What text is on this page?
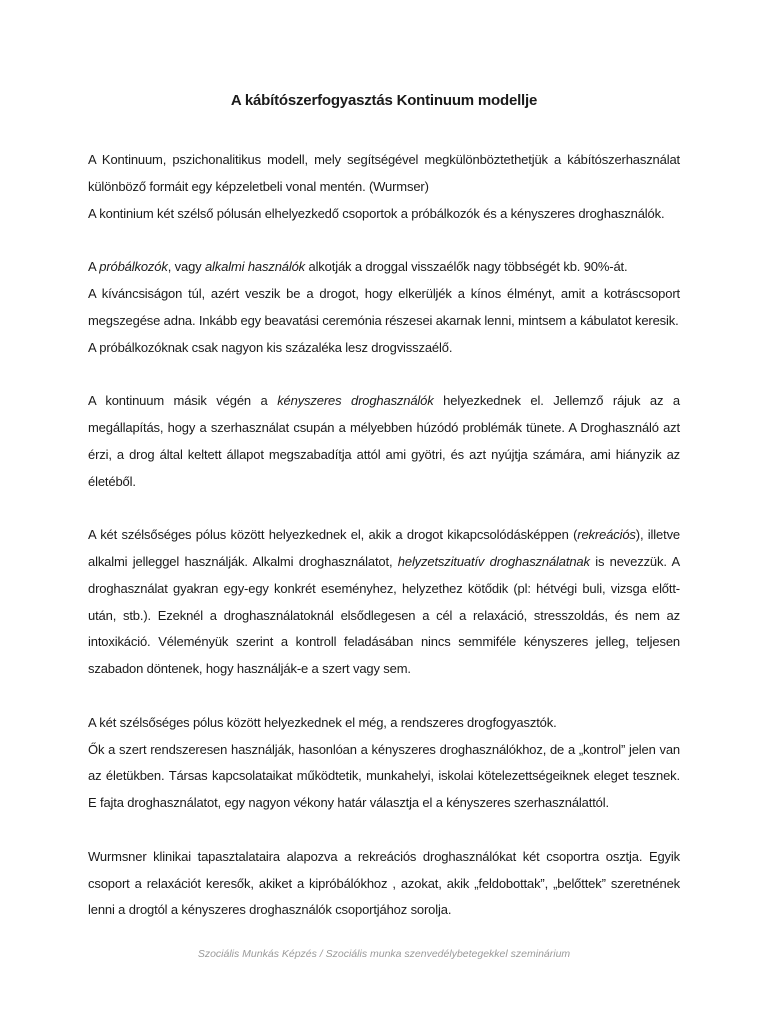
A kábítószerfogyasztás Kontinuum modellje

A Kontinuum, pszichonalitikus modell, mely segítségével megkülönböztethetjük a kábítószerhasználat különböző formáit egy képzeletbeli vonal mentén. (Wurmser)

A kontinium két szélső pólusán elhelyezkedő csoportok a próbálkozók és a kényszeres droghasználók.

A próbálkozók, vagy alkalmi használók alkotják a droggal visszaélők nagy többségét kb. 90%-át.

A kíváncsiságon túl, azért veszik be a drogot, hogy elkerüljék a kínos élményt, amit a kotráscsoport megszegése adna. Inkább egy beavatási ceremónia részesei akarnak lenni, mintsem a kábulatot keresik.

A próbálkozóknak csak nagyon kis százaléka lesz drogvisszaélő.

A kontinuum másik végén a kényszeres droghasználók helyezkednek el. Jellemző rájuk az a megállapítás, hogy a szerhasználat csupán a mélyebben húzódó problémák tünete. A Droghasználó azt érzi, a drog által keltett állapot megszabadítja attól ami gyötri, és azt nyújtja számára, ami hiányzik az életéből.

A két szélsőséges pólus között helyezkednek el, akik a drogot kikapcsolódásképpen (rekreációs), illetve alkalmi jelleggel használják. Alkalmi droghasználatot, helyzetszituatív droghasználatnak is nevezzük. A droghasználat gyakran egy-egy konkrét eseményhez, helyzethez kötődik (pl: hétvégi buli, vizsga előtt-után, stb.). Ezeknél a droghasználatoknál elsődlegesen a cél a relaxáció, stresszoldás, és nem az intoxikáció. Véleményük szerint a kontroll feladásában nincs semmiféle kényszeres jelleg, teljesen szabadon döntenek, hogy használják-e a szert vagy sem.

A két szélsőséges pólus között helyezkednek el még, a rendszeres drogfogyasztók.

Ők a szert rendszeresen használják, hasonlóan a kényszeres droghasználókhoz, de a „kontrol” jelen van az életükben. Társas kapcsolataikat működtetik, munkahelyi, iskolai kötelezettségeiknek eleget tesznek. E fajta droghasználatot, egy nagyon vékony határ választja el a kényszeres szerhasználattól.

Wurmsner klinikai tapasztalataira alapozva a rekreációs droghasználókat két csoportra osztja. Egyik csoport a relaxációt keresők, akiket a kipróbálókhoz , azokat, akik „feldobottak”, „belőttek” szeretnének lenni a drogtól a kényszeres droghasználók csoportjához sorolja.

Szociális Munkás Képzés / Szociális munka szenvedélybetegekkel szeminárium
